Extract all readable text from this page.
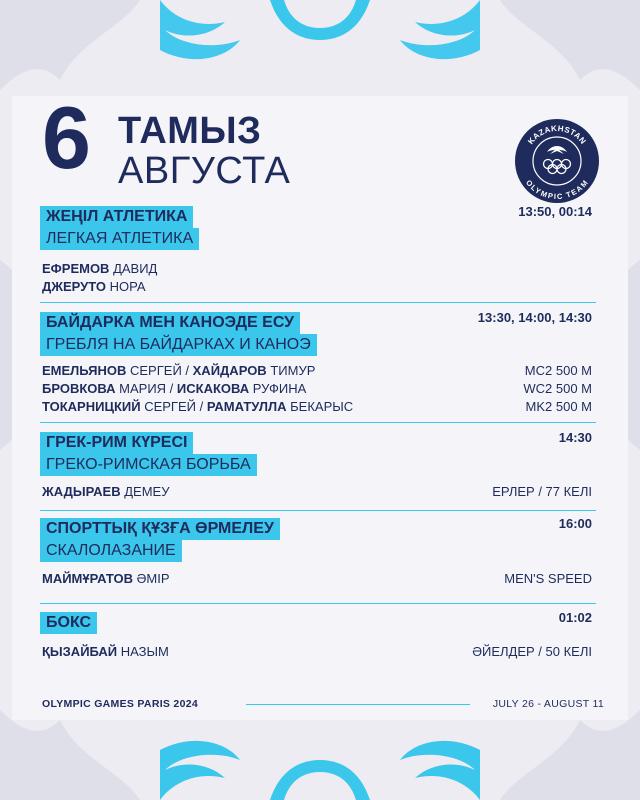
6 ТАМЫЗ
АВГУСТА
KAZAKHSTAN
OLYMPIC TEAM
ЖЕҢІЛ АТЛЕТИКА
ЛЕГКАЯ АТЛЕТИКА
13:50, 00:14
ЕФРЕМОВ ДАВИД
ДЖЕРУТО НОРА
БАЙДАРКА МЕН КАНОЭДЕ ЕСУ
ГРЕБЛЯ НА БАЙДАРКАХ И КАНОЭ
13:30, 14:00, 14:30
ЕМЕЛЬЯНОВ СЕРГЕЙ / ХАЙДАРОВ ТИМУР	MC2 500 M
БРОВКОВА МАРИЯ / ИСКАКОВА РУФИНА	WC2 500 M
ТОКАРНИЦКИЙ СЕРГЕЙ / РАМАТУЛЛА БЕКАРЫС	MK2 500 M
ГРЕК-РИМ КҮРЕСІ
ГРЕКО-РИМСКАЯ БОРЬБА
14:30
ЖАДЫРАЕВ ДЕМЕУ	ЕРЛЕР / 77 КЕЛІ
СПОРТТЫҚ ҚҰЗҒА ӨРМЕЛЕУ
СКАЛОЛАЗАНИЕ
16:00
МАЙМҰРАТОВ ӘМІР	MEN'S SPEED
БОКС	01:02
ҚЫЗАЙБАЙ НАЗЫМ	ӘЙЕЛДЕР / 50 КЕЛІ
OLYMPIC GAMES PARIS 2024	JULY 26 - AUGUST 11
